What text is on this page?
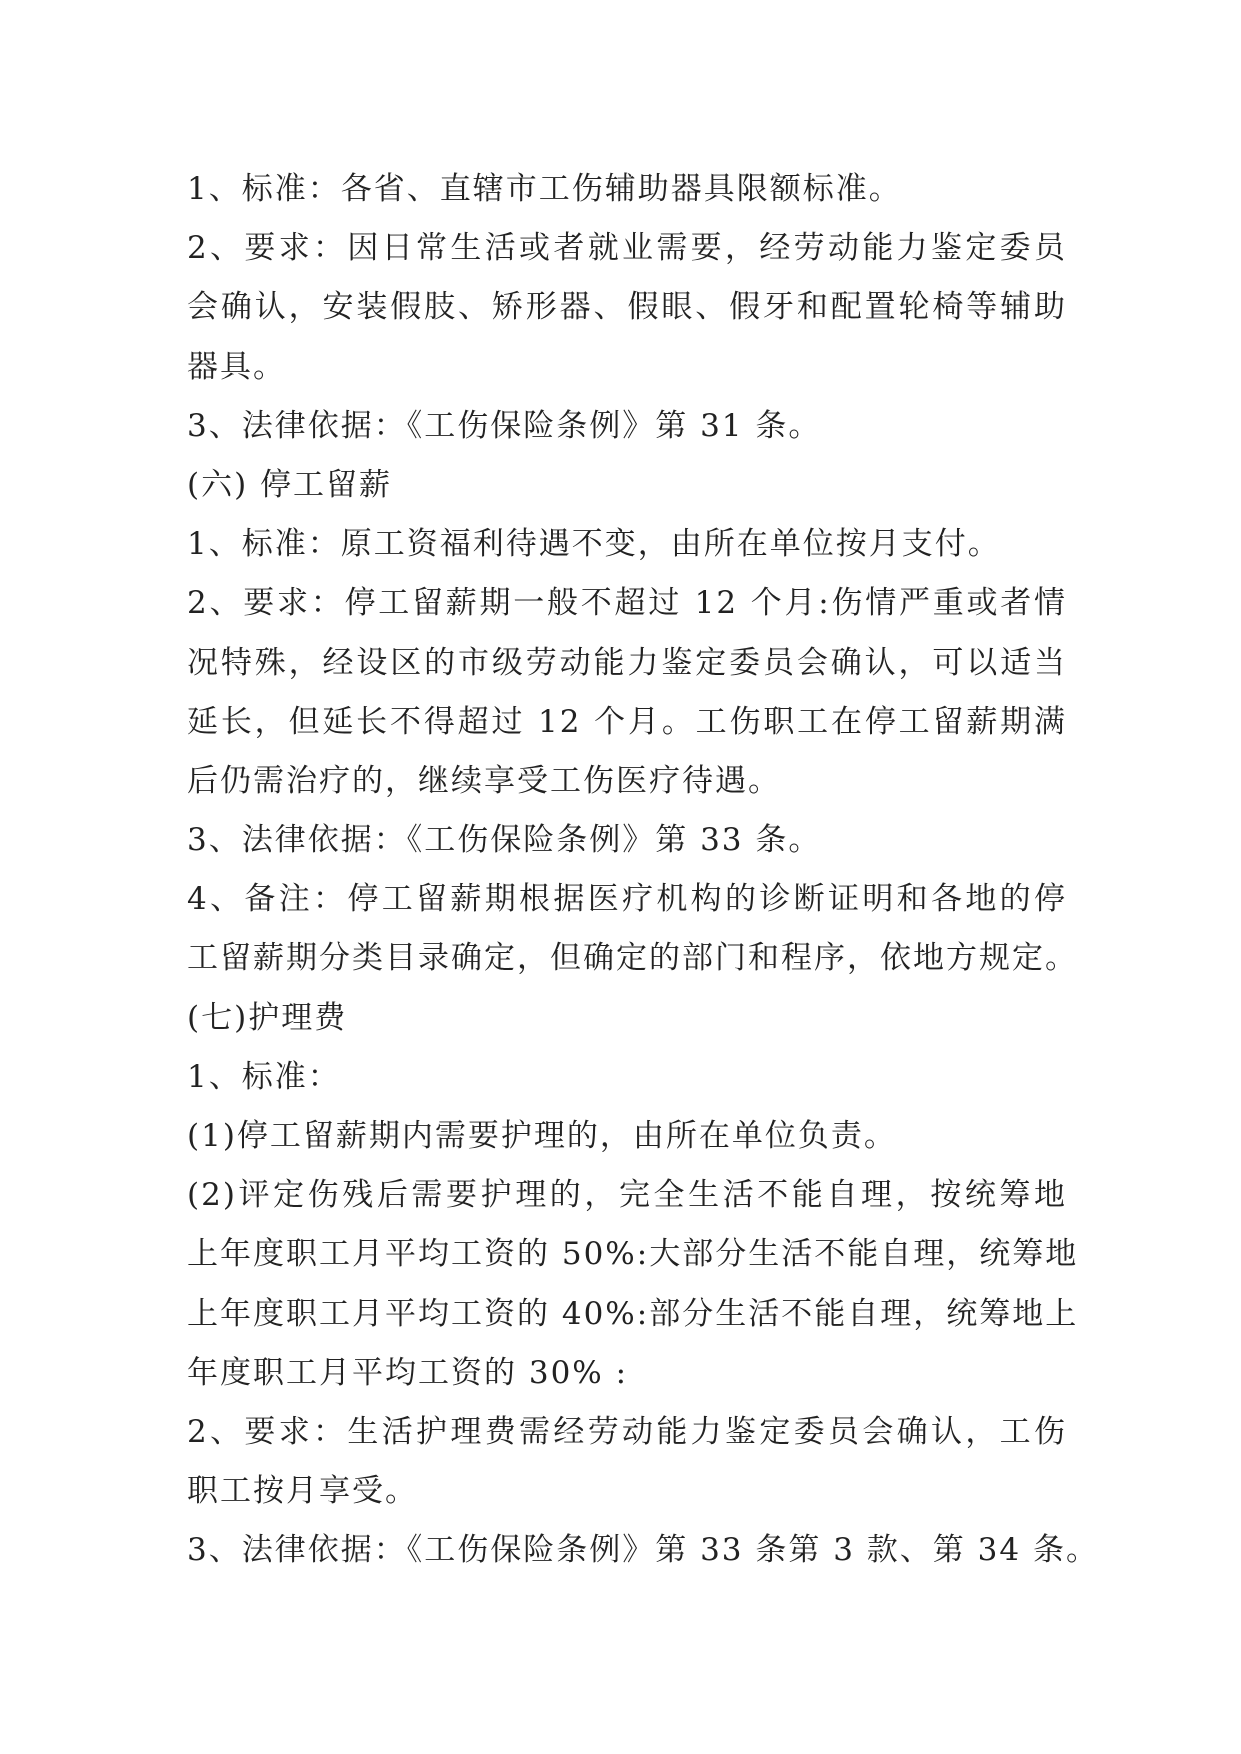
1、标准：各省、直辖市工伤辅助器具限额标准。
2、要求：因日常生活或者就业需要，经劳动能力鉴定委员
会确认，安装假肢、矫形器、假眼、假牙和配置轮椅等辅助
器具。
3、法律依据：《工伤保险条例》第 31 条。
(六) 停工留薪
1、标准：原工资福利待遇不变，由所在单位按月支付。
2、要求：停工留薪期一般不超过 12 个月:伤情严重或者情
况特殊，经设区的市级劳动能力鉴定委员会确认，可以适当
延长，但延长不得超过 12 个月。工伤职工在停工留薪期满
后仍需治疗的，继续享受工伤医疗待遇。
3、法律依据：《工伤保险条例》第 33 条。
4、备注：停工留薪期根据医疗机构的诊断证明和各地的停
工留薪期分类目录确定，但确定的部门和程序，依地方规定。
(七)护理费
1、标准：
(1)停工留薪期内需要护理的，由所在单位负责。
(2)评定伤残后需要护理的，完全生活不能自理，按统筹地
上年度职工月平均工资的 50%:大部分生活不能自理，统筹地
上年度职工月平均工资的 40%:部分生活不能自理，统筹地上
年度职工月平均工资的 30% :
2、要求：生活护理费需经劳动能力鉴定委员会确认，工伤
职工按月享受。
3、法律依据：《工伤保险条例》第 33 条第 3 款、第 34 条。
